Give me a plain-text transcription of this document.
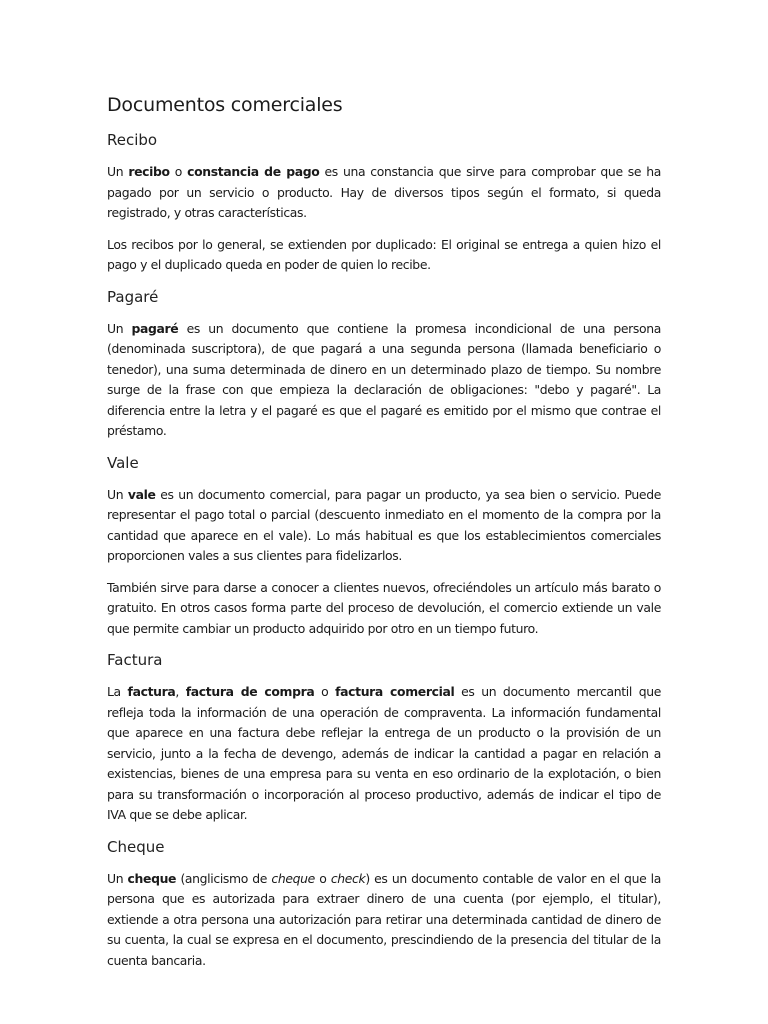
Documentos comerciales
Recibo

Un recibo o constancia de pago es una constancia que sirve para comprobar que se ha pagado por un servicio o producto. Hay de diversos tipos según el formato, si queda registrado, y otras características.

Los recibos por lo general, se extienden por duplicado: El original se entrega a quien hizo el pago y el duplicado queda en poder de quien lo recibe.

Pagaré

Un pagaré es un documento que contiene la promesa incondicional de una persona (denominada suscriptora), de que pagará a una segunda persona (llamada beneficiario o tenedor), una suma determinada de dinero en un determinado plazo de tiempo. Su nombre surge de la frase con que empieza la declaración de obligaciones: "debo y pagaré". La diferencia entre la letra y el pagaré es que el pagaré es emitido por el mismo que contrae el préstamo.

Vale

Un vale es un documento comercial, para pagar un producto, ya sea bien o servicio. Puede representar el pago total o parcial (descuento inmediato en el momento de la compra por la cantidad que aparece en el vale). Lo más habitual es que los establecimientos comerciales proporcionen vales a sus clientes para fidelizarlos.

También sirve para darse a conocer a clientes nuevos, ofreciéndoles un artículo más barato o gratuito. En otros casos forma parte del proceso de devolución, el comercio extiende un vale que permite cambiar un producto adquirido por otro en un tiempo futuro.

Factura

La factura, factura de compra o factura comercial es un documento mercantil que refleja toda la información de una operación de compraventa. La información fundamental que aparece en una factura debe reflejar la entrega de un producto o la provisión de un servicio, junto a la fecha de devengo, además de indicar la cantidad a pagar en relación a existencias, bienes de una empresa para su venta en eso ordinario de la explotación, o bien para su transformación o incorporación al proceso productivo, además de indicar el tipo de IVA que se debe aplicar.

Cheque

Un cheque (anglicismo de cheque o check) es un documento contable de valor en el que la persona que es autorizada para extraer dinero de una cuenta (por ejemplo, el titular), extiende a otra persona una autorización para retirar una determinada cantidad de dinero de su cuenta, la cual se expresa en el documento, prescindiendo de la presencia del titular de la cuenta bancaria.
